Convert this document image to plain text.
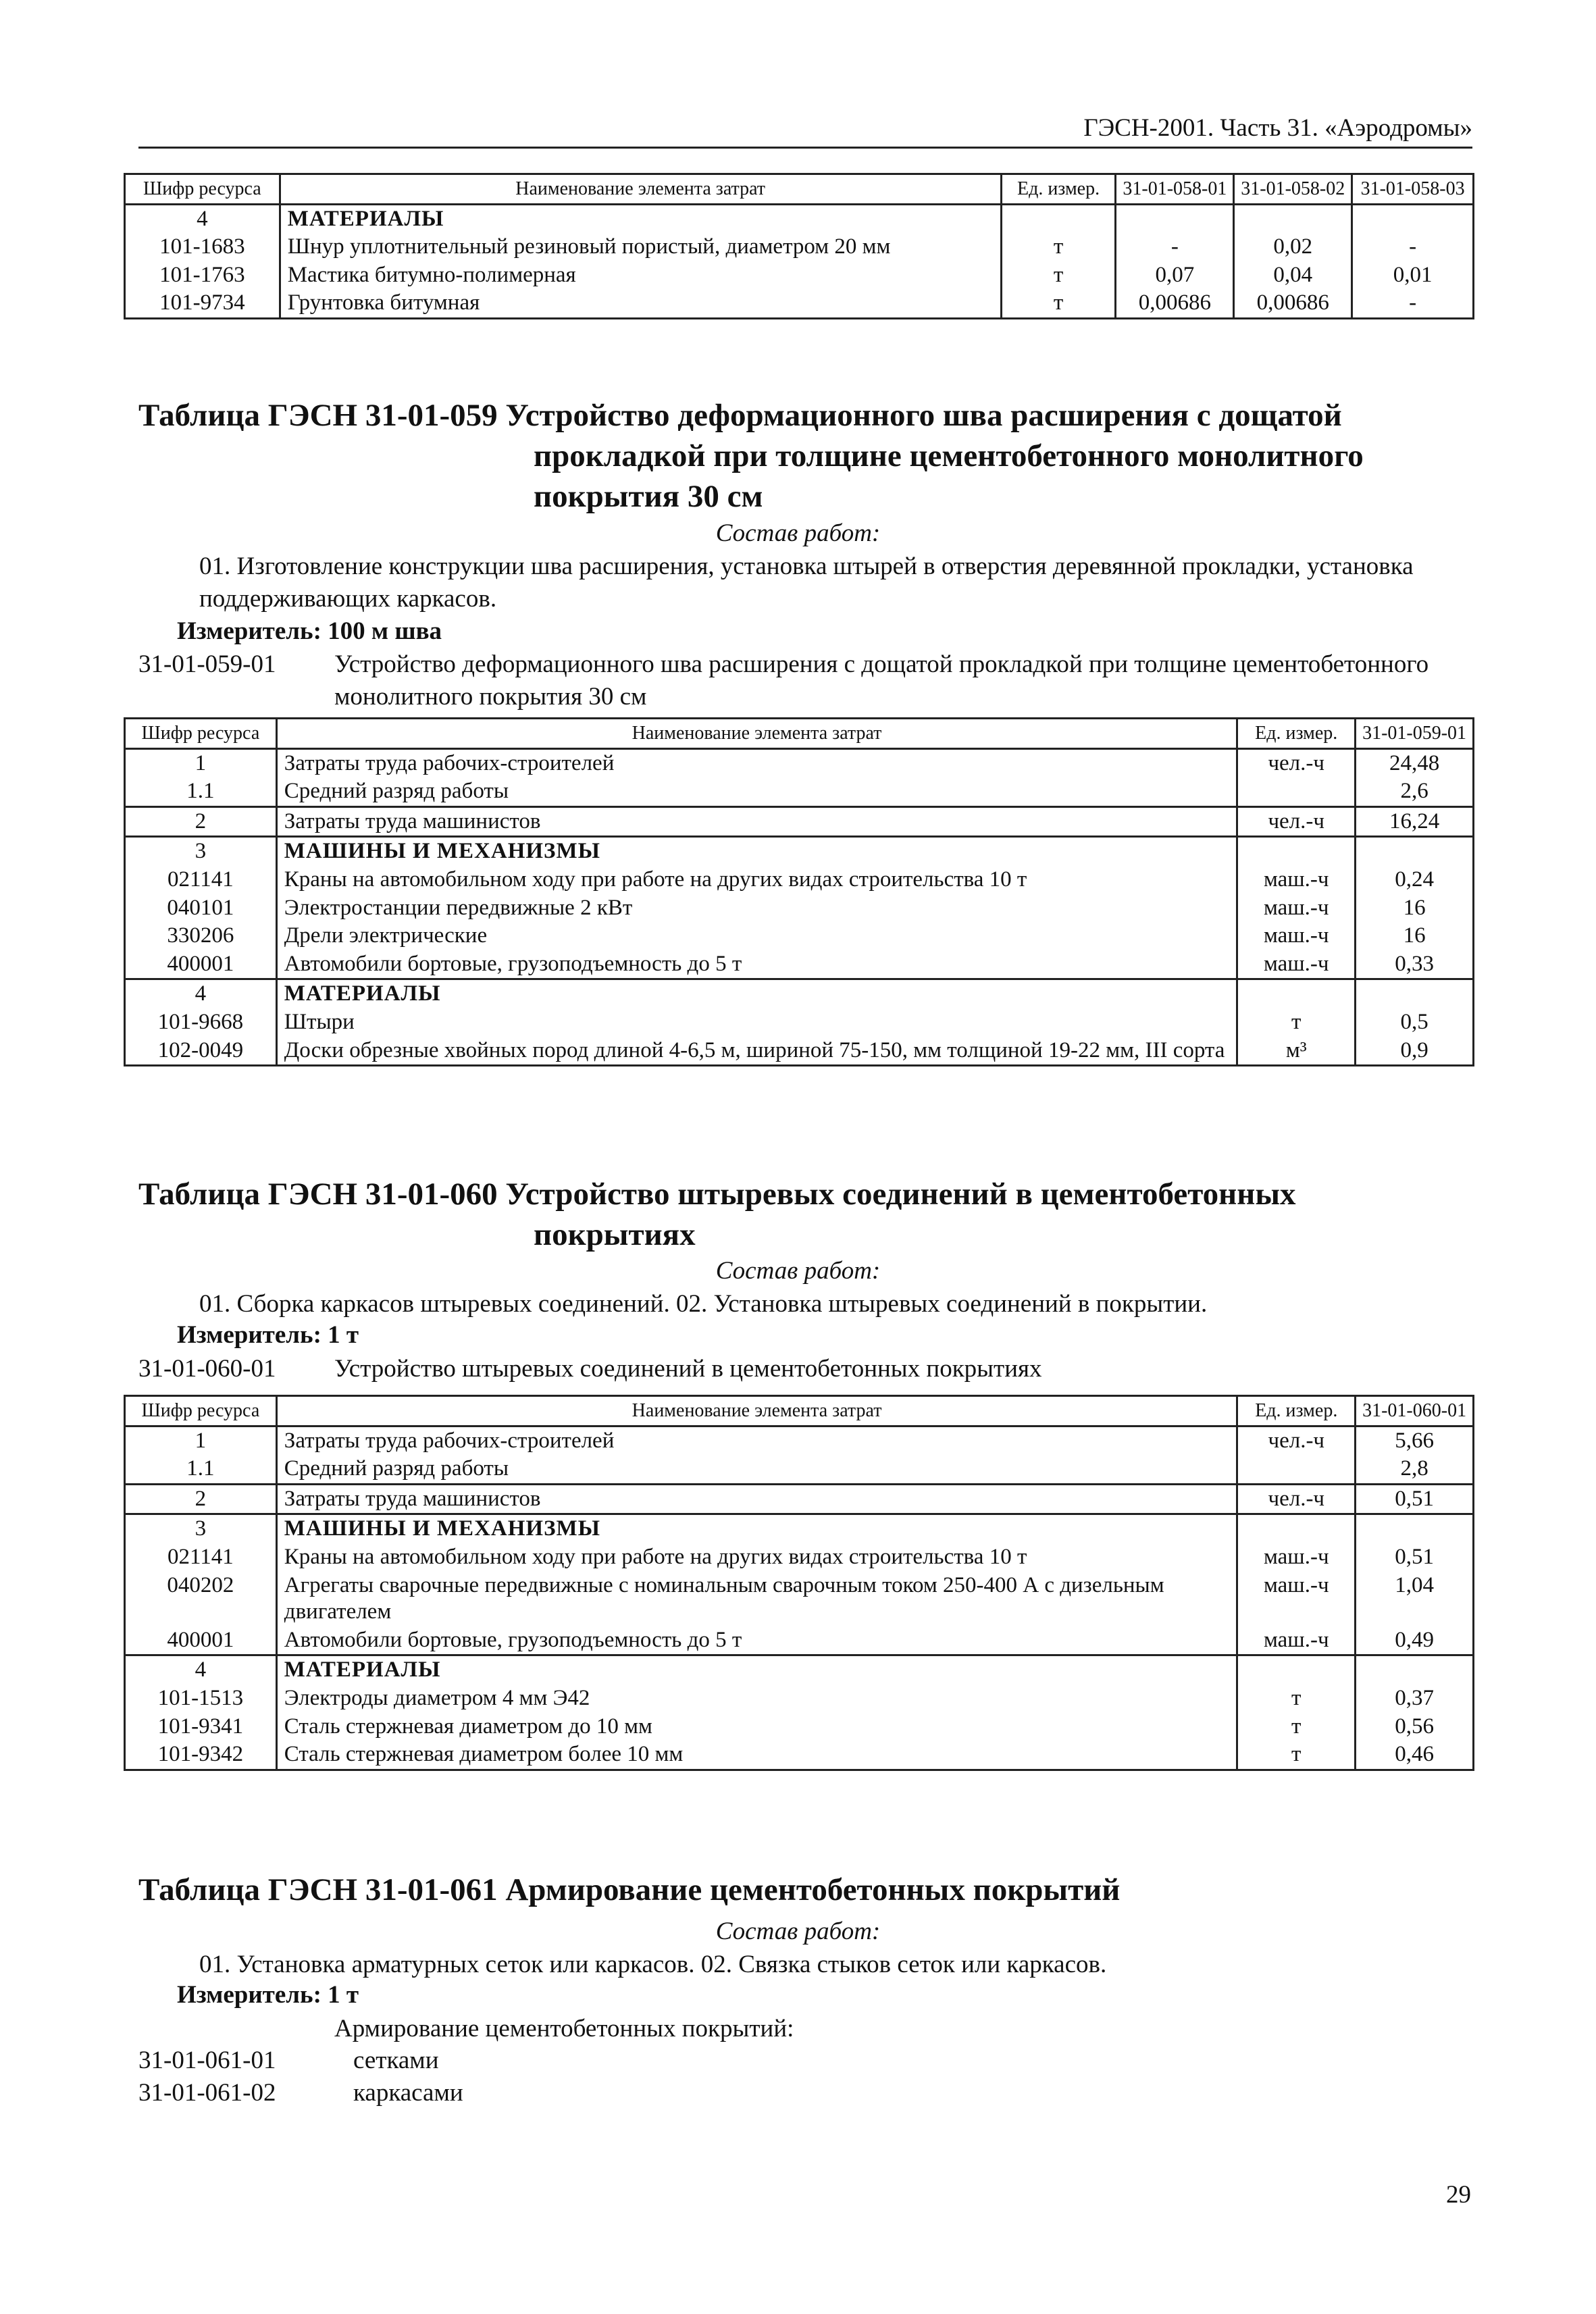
ГЭСН-2001. Часть 31. «Аэродромы»
Шифр ресурса	Наименование элемента затрат	Ед. измер.	31-01-058-01	31-01-058-02	31-01-058-03
4	МАТЕРИАЛЫ				
101-1683	Шнур уплотнительный резиновый пористый, диаметром 20 мм	т	-	0,02	-
101-1763	Мастика битумно-полимерная	т	0,07	0,04	0,01
101-9734	Грунтовка битумная	т	0,00686	0,00686	-
Таблица ГЭСН 31-01-059 Устройство деформационного шва расширения с дощатой
прокладкой при толщине цементобетонного монолитного
покрытия 30 см
Состав работ:
01. Изготовление конструкции шва расширения, установка штырей в отверстия деревянной прокладки, установка поддерживающих каркасов.
Измеритель: 100 м шва
31-01-059-01 Устройство деформационного шва расширения с дощатой прокладкой при толщине цементобетонного монолитного покрытия 30 см
Шифр ресурса	Наименование элемента затрат	Ед. измер.	31-01-059-01
1	Затраты труда рабочих-строителей	чел.-ч	24,48
1.1	Средний разряд работы		2,6
2	Затраты труда машинистов	чел.-ч	16,24
3	МАШИНЫ И МЕХАНИЗМЫ		
021141	Краны на автомобильном ходу при работе на других видах строительства 10 т	маш.-ч	0,24
040101	Электростанции передвижные 2 кВт	маш.-ч	16
330206	Дрели электрические	маш.-ч	16
400001	Автомобили бортовые, грузоподъемность до 5 т	маш.-ч	0,33
4	МАТЕРИАЛЫ		
101-9668	Штыри	т	0,5
102-0049	Доски обрезные хвойных пород длиной 4-6,5 м, шириной 75-150, мм толщиной 19-22 мм, III сорта	м³	0,9
Таблица ГЭСН 31-01-060 Устройство штыревых соединений в цементобетонных
покрытиях
Состав работ:
01. Сборка каркасов штыревых соединений. 02. Установка штыревых соединений в покрытии.
Измеритель: 1 т
31-01-060-01 Устройство штыревых соединений в цементобетонных покрытиях
Шифр ресурса	Наименование элемента затрат	Ед. измер.	31-01-060-01
1	Затраты труда рабочих-строителей	чел.-ч	5,66
1.1	Средний разряд работы		2,8
2	Затраты труда машинистов	чел.-ч	0,51
3	МАШИНЫ И МЕХАНИЗМЫ		
021141	Краны на автомобильном ходу при работе на других видах строительства 10 т	маш.-ч	0,51
040202	Агрегаты сварочные передвижные с номинальным сварочным током 250-400 А с дизельным двигателем	маш.-ч	1,04
400001	Автомобили бортовые, грузоподъемность до 5 т	маш.-ч	0,49
4	МАТЕРИАЛЫ		
101-1513	Электроды диаметром 4 мм Э42	т	0,37
101-9341	Сталь стержневая диаметром до 10 мм	т	0,56
101-9342	Сталь стержневая диаметром более 10 мм	т	0,46
Таблица ГЭСН 31-01-061 Армирование цементобетонных покрытий
Состав работ:
01. Установка арматурных сеток или каркасов. 02. Связка стыков сеток или каркасов.
Измеритель: 1 т
Армирование цементобетонных покрытий:
31-01-061-01	сетками
31-01-061-02	каркасами
29
